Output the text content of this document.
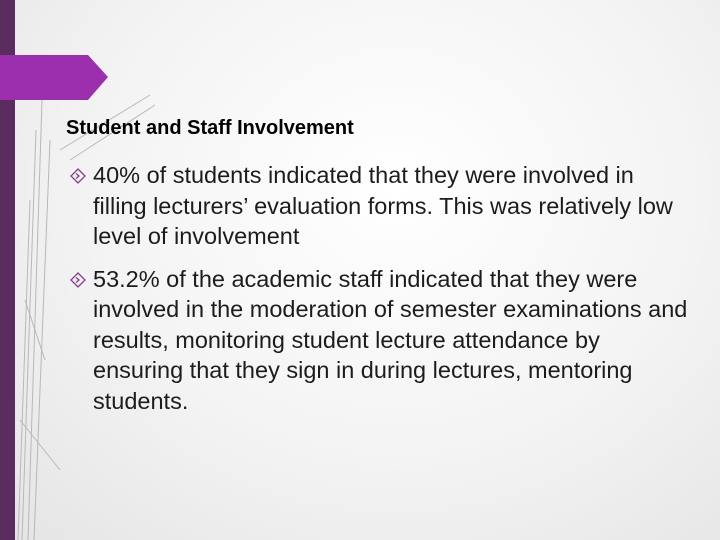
Student and Staff Involvement
40% of students indicated that they were involved in filling lecturers’ evaluation forms. This was relatively low level of involvement
53.2% of the academic staff indicated that they were involved in the moderation of semester examinations and results, monitoring student lecture attendance by ensuring that they sign in during lectures, mentoring students.
